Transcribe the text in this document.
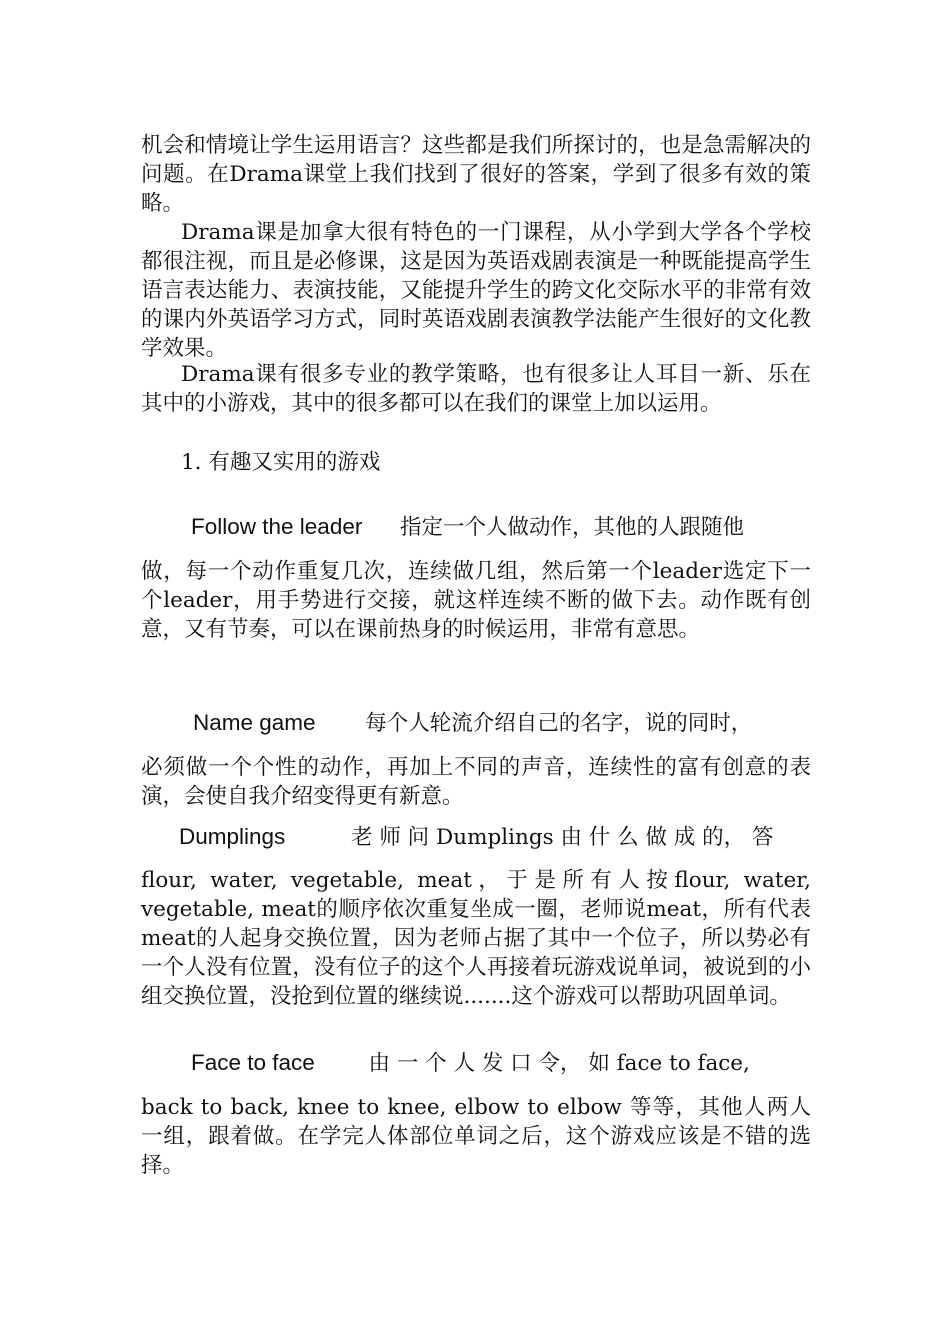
机会和情境让学生运用语言？这些都是我们所探讨的，也是急需解决的问题。在Drama课堂上我们找到了很好的答案，学到了很多有效的策略。

Drama课是加拿大很有特色的一门课程，从小学到大学各个学校都很注视，而且是必修课，这是因为英语戏剧表演是一种既能提高学生语言表达能力、表演技能，又能提升学生的跨文化交际水平的非常有效的课内外英语学习方式，同时英语戏剧表演教学法能产生很好的文化教学效果。

Drama课有很多专业的教学策略，也有很多让人耳目一新、乐在其中的小游戏，其中的很多都可以在我们的课堂上加以运用。

1. 有趣又实用的游戏

Follow the leader 指定一个人做动作，其他的人跟随他

做，每一个动作重复几次，连续做几组，然后第一个leader选定下一个leader，用手势进行交接，就这样连续不断的做下去。动作既有创意，又有节奏，可以在课前热身的时候运用，非常有意思。

Name game 每个人轮流介绍自己的名字，说的同时，

必须做一个个性的动作，再加上不同的声音，连续性的富有创意的表演，会使自我介绍变得更有新意。

Dumplings	老 师 问 Dumplings 由 什 么 做 成 的， 答

flour, water, vegetable, meat，于是所有人按flour, water, vegetable, meat的顺序依次重复坐成一圈，老师说meat，所有代表meat的人起身交换位置，因为老师占据了其中一个位子，所以势必有一个人没有位置，没有位子的这个人再接着玩游戏说单词，被说到的小组交换位置，没抢到位置的继续说.......这个游戏可以帮助巩固单词。

Face to face 由 一 个 人 发 口 令， 如 face to face,

back to back, knee to knee, elbow to elbow 等等，其他人两人一组，跟着做。在学完人体部位单词之后，这个游戏应该是不错的选择。
